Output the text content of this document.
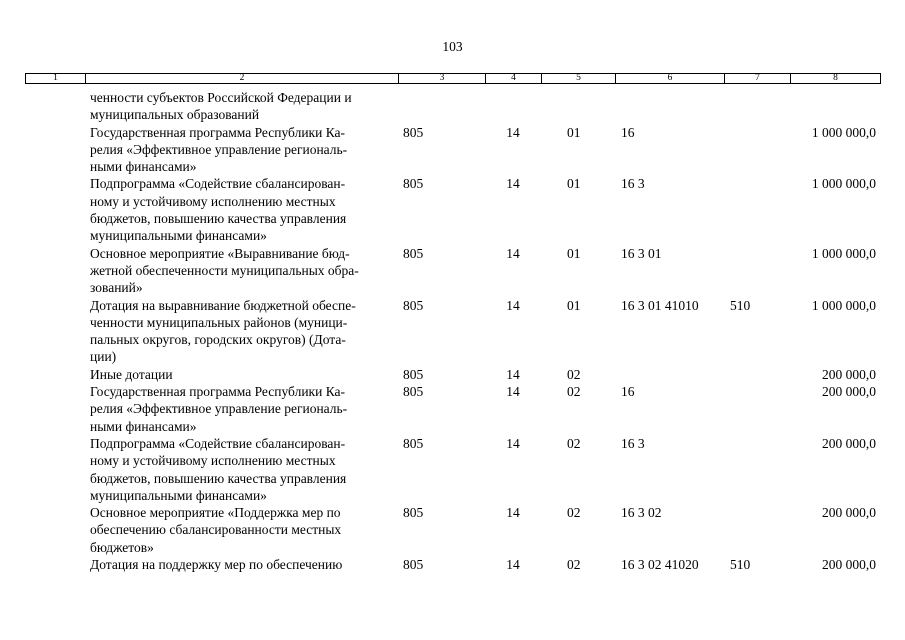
103
1	2	3	4	5	6	7	8
ченности субъектов Российской Федерации и
муниципальных образований						
Государственная программа Республики Ка-
релия «Эффективное управление региональ-
ными финансами»	805	14	01	16		1 000 000,0
Подпрограмма «Содействие сбалансирован-
ному и устойчивому исполнению местных
бюджетов, повышению качества управления
муниципальными финансами»	805	14	01	16 3		1 000 000,0
Основное мероприятие «Выравнивание бюд-
жетной обеспеченности муниципальных обра-
зований»	805	14	01	16 3 01		1 000 000,0
Дотация на выравнивание бюджетной обеспе-
ченности муниципальных районов (муници-
пальных округов, городских округов) (Дота-
ции)	805	14	01	16 3 01 41010	510	1 000 000,0
Иные дотации	805	14	02			200 000,0
Государственная программа Республики Ка-
релия «Эффективное управление региональ-
ными финансами»	805	14	02	16		200 000,0
Подпрограмма «Содействие сбалансирован-
ному и устойчивому исполнению местных
бюджетов, повышению качества управления
муниципальными финансами»	805	14	02	16 3		200 000,0
Основное мероприятие «Поддержка мер по
обеспечению сбалансированности местных
бюджетов»	805	14	02	16 3 02		200 000,0
Дотация на поддержку мер по обеспечению	805	14	02	16 3 02 41020	510	200 000,0
